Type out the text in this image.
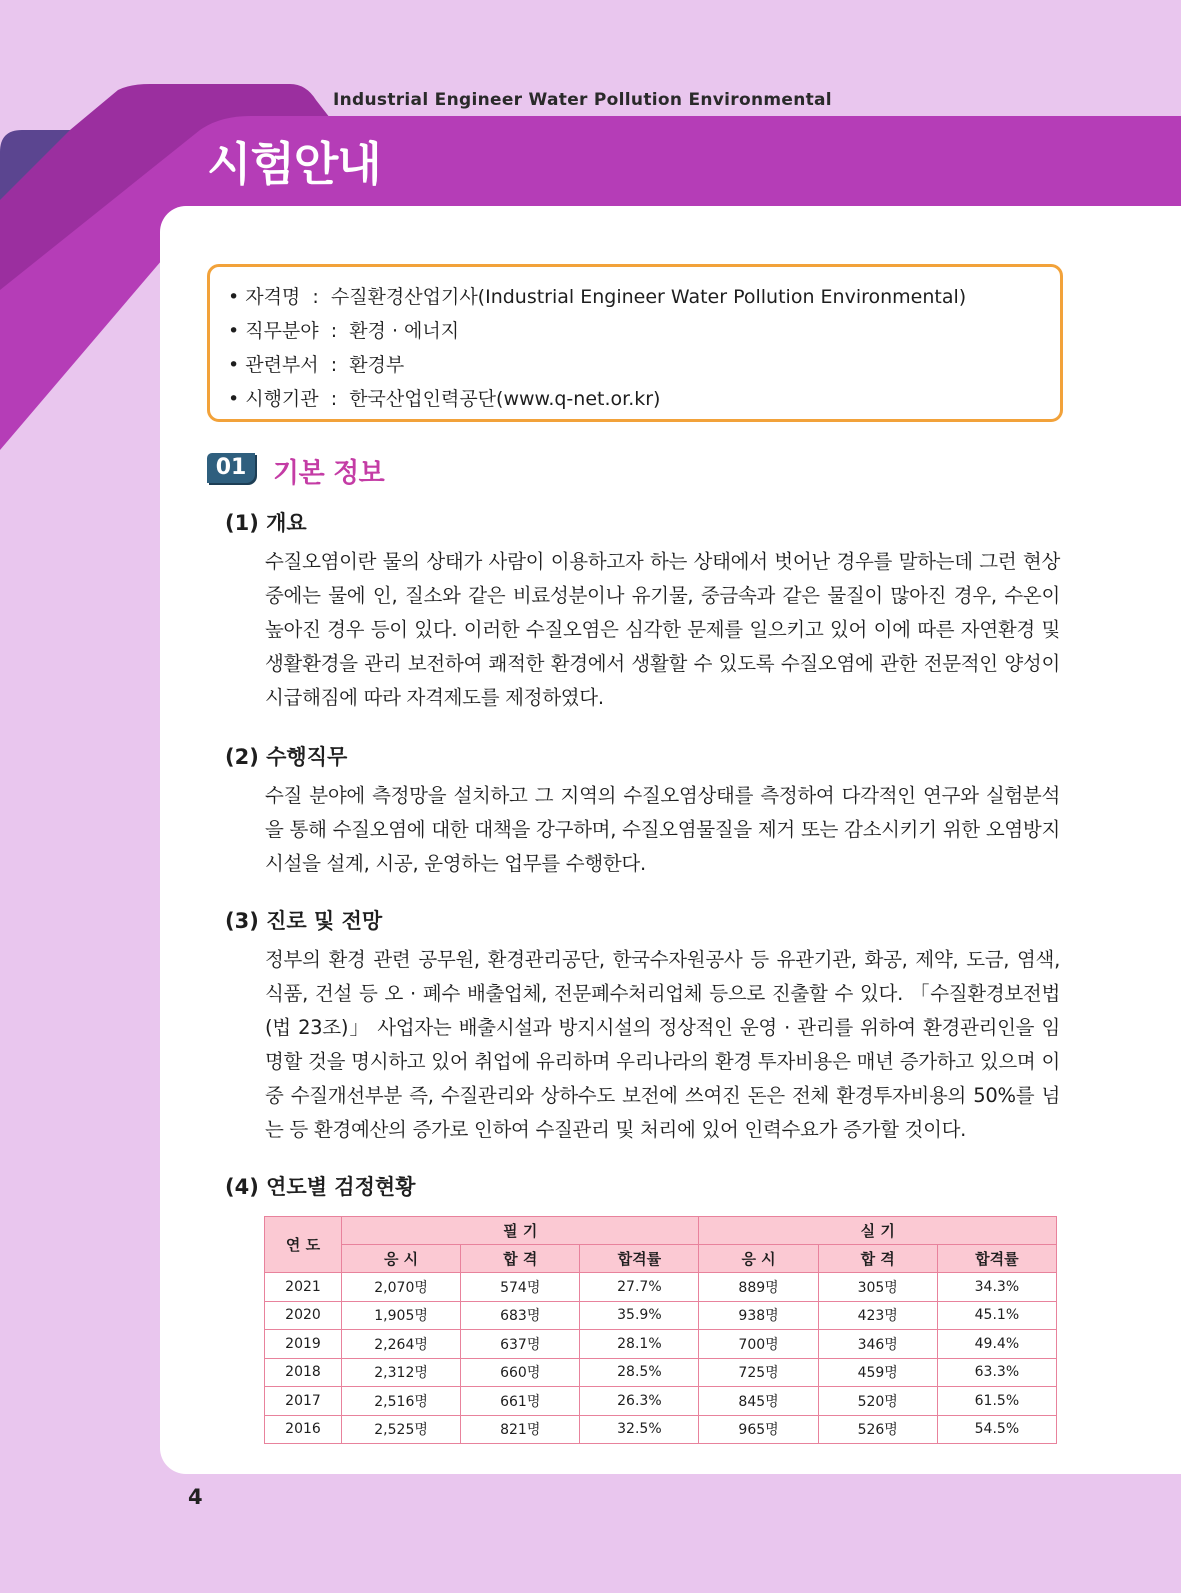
Industrial Engineer Water Pollution Environmental
시험안내
• 자격명  :  수질환경산업기사(Industrial Engineer Water Pollution Environmental)
• 직무분야  :  환경 · 에너지
• 관련부서  :  환경부
• 시행기관  :  한국산업인력공단(www.q-net.or.kr)
01 기본 정보
(1) 개요
수질오염이란 물의 상태가 사람이 이용하고자 하는 상태에서 벗어난 경우를 말하는데 그런 현상 중에는 물에 인, 질소와 같은 비료성분이나 유기물, 중금속과 같은 물질이 많아진 경우, 수온이 높아진 경우 등이 있다. 이러한 수질오염은 심각한 문제를 일으키고 있어 이에 따른 자연환경 및 생활환경을 관리 보전하여 쾌적한 환경에서 생활할 수 있도록 수질오염에 관한 전문적인 양성이 시급해짐에 따라 자격제도를 제정하였다.
(2) 수행직무
수질 분야에 측정망을 설치하고 그 지역의 수질오염상태를 측정하여 다각적인 연구와 실험분석을 통해 수질오염에 대한 대책을 강구하며, 수질오염물질을 제거 또는 감소시키기 위한 오염방지시설을 설계, 시공, 운영하는 업무를 수행한다.
(3) 진로 및 전망
정부의 환경 관련 공무원, 환경관리공단, 한국수자원공사 등 유관기관, 화공, 제약, 도금, 염색, 식품, 건설 등 오 · 폐수 배출업체, 전문폐수처리업체 등으로 진출할 수 있다. 「수질환경보전법(법 23조)」 사업자는 배출시설과 방지시설의 정상적인 운영 · 관리를 위하여 환경관리인을 임명할 것을 명시하고 있어 취업에 유리하며 우리나라의 환경 투자비용은 매년 증가하고 있으며 이중 수질개선부분 즉, 수질관리와 상하수도 보전에 쓰여진 돈은 전체 환경투자비용의 50%를 넘는 등 환경예산의 증가로 인하여 수질관리 및 처리에 있어 인력수요가 증가할 것이다.
(4) 연도별 검정현황
연 도	필 기			실 기		
	응 시	합 격	합격률	응 시	합 격	합격률
2021	2,070명	574명	27.7%	889명	305명	34.3%
2020	1,905명	683명	35.9%	938명	423명	45.1%
2019	2,264명	637명	28.1%	700명	346명	49.4%
2018	2,312명	660명	28.5%	725명	459명	63.3%
2017	2,516명	661명	26.3%	845명	520명	61.5%
2016	2,525명	821명	32.5%	965명	526명	54.5%
4
